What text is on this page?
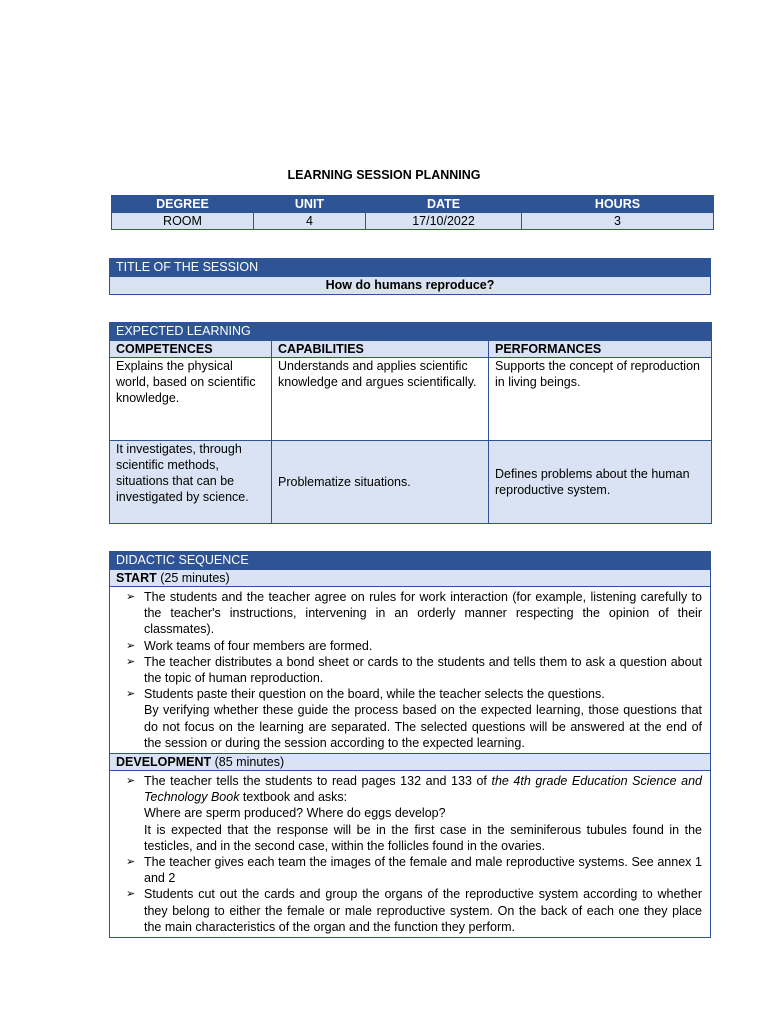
LEARNING SESSION PLANNING
DEGREE	UNIT	DATE	HOURS
ROOM	4	17/10/2022	3
TITLE OF THE SESSION
How do humans reproduce?
EXPECTED LEARNING		
COMPETENCES	CAPABILITIES	PERFORMANCES
Explains the physical world, based on scientific knowledge.	Understands and applies scientific knowledge and argues scientifically.	Supports the concept of reproduction in living beings.
It investigates, through scientific methods, situations that can be investigated by science.	Problematize situations.	Defines problems about the human reproductive system.
DIDACTIC SEQUENCE
START (25 minutes)

➢ The students and the teacher agree on rules for work interaction (for example, listening carefully to the teacher's instructions, intervening in an orderly manner respecting the opinion of their classmates).
➢ Work teams of four members are formed.
➢ The teacher distributes a bond sheet or cards to the students and tells them to ask a question about the topic of human reproduction.
➢ Students paste their question on the board, while the teacher selects the questions.
By verifying whether these guide the process based on the expected learning, those questions that do not focus on the learning are separated. The selected questions will be answered at the end of the session or during the session according to the expected learning.

DEVELOPMENT (85 minutes)

➢ The teacher tells the students to read pages 132 and 133 of the 4th grade Education Science and Technology Book textbook and asks:
Where are sperm produced? Where do eggs develop?
It is expected that the response will be in the first case in the seminiferous tubules found in the testicles, and in the second case, within the follicles found in the ovaries.
➢ The teacher gives each team the images of the female and male reproductive systems. See annex 1 and 2
➢ Students cut out the cards and group the organs of the reproductive system according to whether they belong to either the female or male reproductive system. On the back of each one they place the main characteristics of the organ and the function they perform.
